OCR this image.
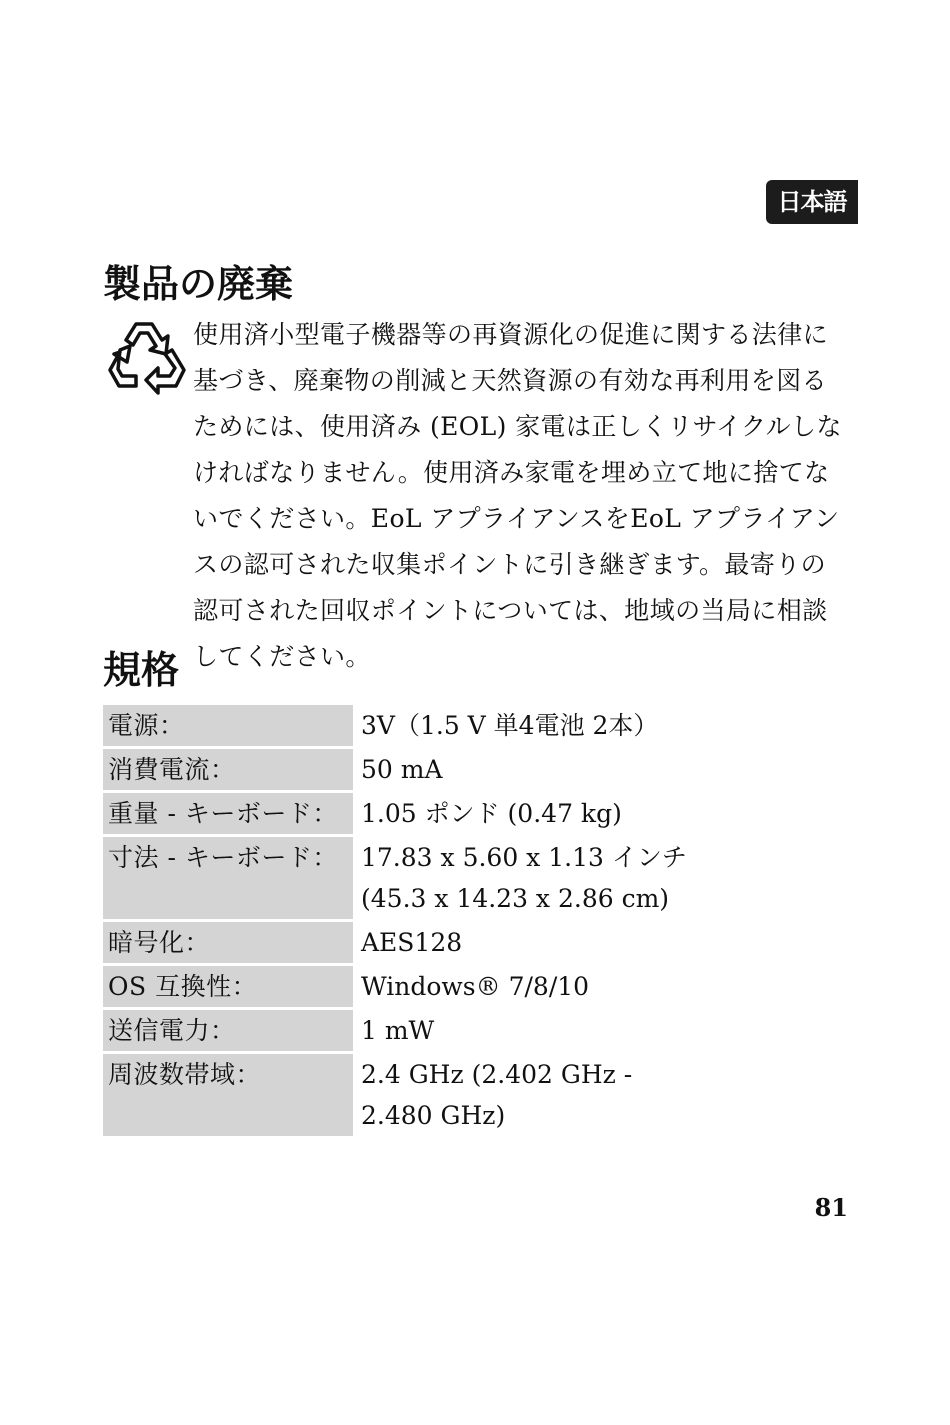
日本語
製品の廃棄

使用済小型電子機器等の再資源化の促進に関する法律に基づき、廃棄物の削減と天然資源の有効な再利用を図るためには、使用済み (EOL) 家電は正しくリサイクルしなければなりません。使用済み家電を埋め立て地に捨てないでください。EoL アプライアンスをEoL アプライアンスの認可された収集ポイントに引き継ぎます。最寄りの認可された回収ポイントについては、地域の当局に相談してください。

規格
電源：	3V（1.5 V 単4電池 2本）
消費電流：	50 mA
重量 - キーボード：	1.05 ポンド (0.47 kg)
寸法 - キーボード：	17.83 x 5.60 x 1.13 インチ
(45.3 x 14.23 x 2.86 cm)
暗号化：	AES128
OS 互換性：	Windows® 7/8/10
送信電力：	1 mW
周波数帯域：	2.4 GHz (2.402 GHz -
2.480 GHz)
81
